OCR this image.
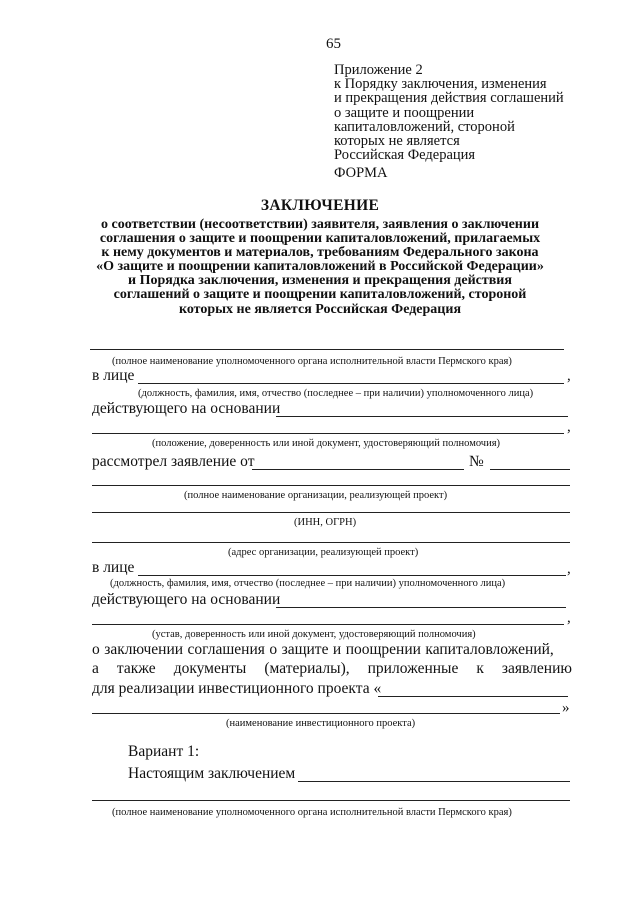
65
Приложение 2
к Порядку заключения, изменения
и прекращения действия соглашений
о защите и поощрении
капиталовложений, стороной
которых не является
Российская Федерация
ФОРМА
ЗАКЛЮЧЕНИЕ
о соответствии (несоответствии) заявителя, заявления о заключении
соглашения о защите и поощрении капиталовложений, прилагаемых
к нему документов и материалов, требованиям Федерального закона
«О защите и поощрении капиталовложений в Российской Федерации»
и Порядка заключения, изменения и прекращения действия
соглашений о защите и поощрении капиталовложений, стороной
которых не является Российская Федерация
(полное наименование уполномоченного органа исполнительной власти Пермского края)
в лице	,
(должность, фамилия, имя, отчество (последнее – при наличии) уполномоченного лица)
действующего на основании
,
(положение, доверенность или иной документ, удостоверяющий полномочия)
рассмотрел заявление от	№
(полное наименование организации, реализующей проект)
(ИНН, ОГРН)
(адрес организации, реализующей проект)
в лице	,
(должность, фамилия, имя, отчество (последнее – при наличии) уполномоченного лица)
действующего на основании
,
(устав, доверенность или иной документ, удостоверяющий полномочия)
о заключении соглашения о защите и поощрении капиталовложений,
а также документы (материалы), приложенные к заявлению
для реализации инвестиционного проекта «
»
(наименование инвестиционного проекта)
Вариант 1:
Настоящим заключением
(полное наименование уполномоченного органа исполнительной власти Пермского края)
